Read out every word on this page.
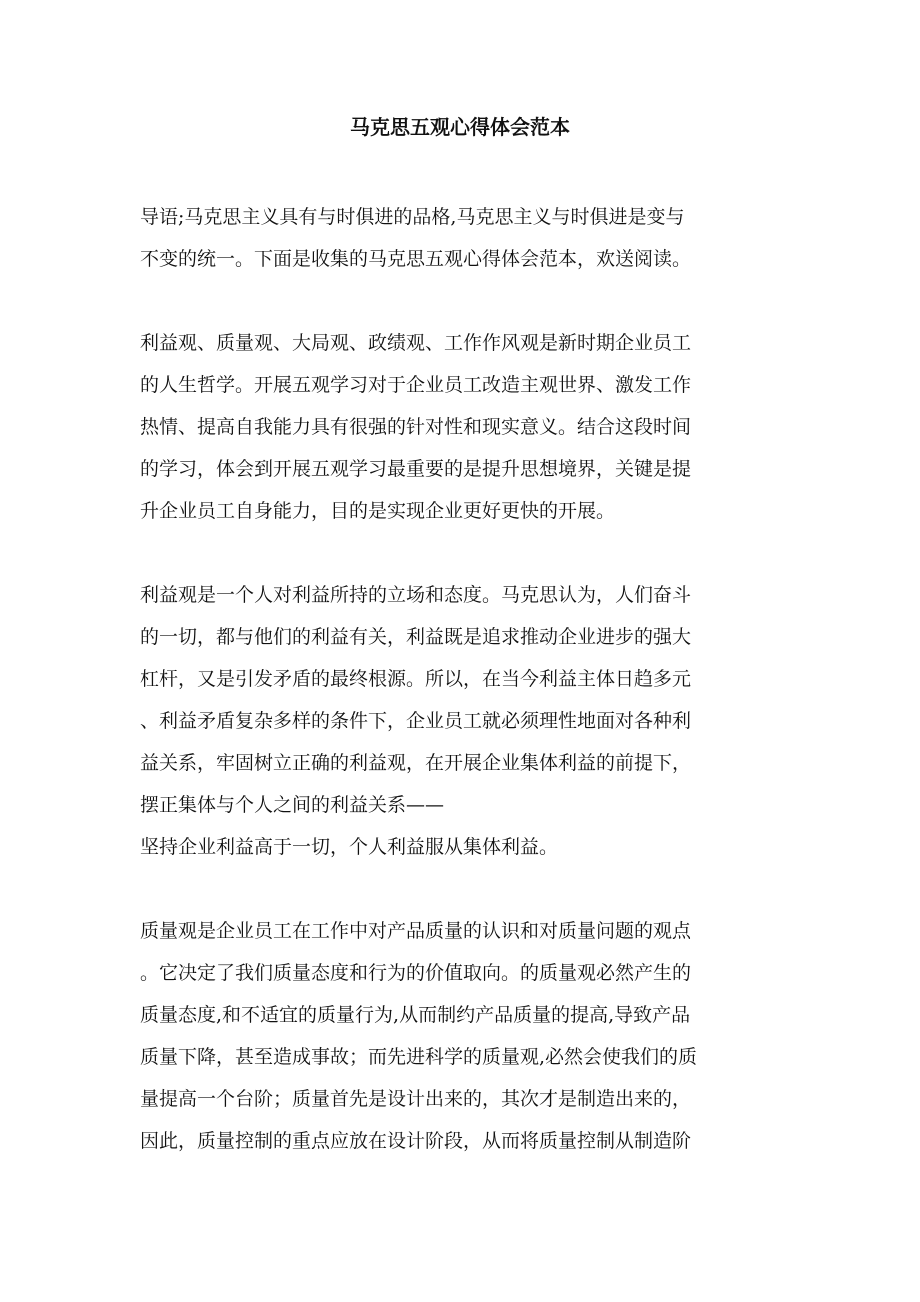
马克思五观心得体会范本
导语;马克思主义具有与时俱进的品格,马克思主义与时俱进是变与
不变的统一。下面是收集的马克思五观心得体会范本，欢送阅读。
利益观、质量观、大局观、政绩观、工作作风观是新时期企业员工
的人生哲学。开展五观学习对于企业员工改造主观世界、激发工作
热情、提高自我能力具有很强的针对性和现实意义。结合这段时间
的学习，体会到开展五观学习最重要的是提升思想境界，关键是提
升企业员工自身能力，目的是实现企业更好更快的开展。
利益观是一个人对利益所持的立场和态度。马克思认为，人们奋斗
的一切，都与他们的利益有关，利益既是追求推动企业进步的强大
杠杆，又是引发矛盾的最终根源。所以，在当今利益主体日趋多元
、利益矛盾复杂多样的条件下，企业员工就必须理性地面对各种利
益关系，牢固树立正确的利益观，在开展企业集体利益的前提下，
摆正集体与个人之间的利益关系——
坚持企业利益高于一切，个人利益服从集体利益。
质量观是企业员工在工作中对产品质量的认识和对质量问题的观点
。它决定了我们质量态度和行为的价值取向。的质量观必然产生的
质量态度,和不适宜的质量行为,从而制约产品质量的提高,导致产品
质量下降，甚至造成事故；而先进科学的质量观,必然会使我们的质
量提高一个台阶；质量首先是设计出来的，其次才是制造出来的，
因此，质量控制的重点应放在设计阶段，从而将质量控制从制造阶
